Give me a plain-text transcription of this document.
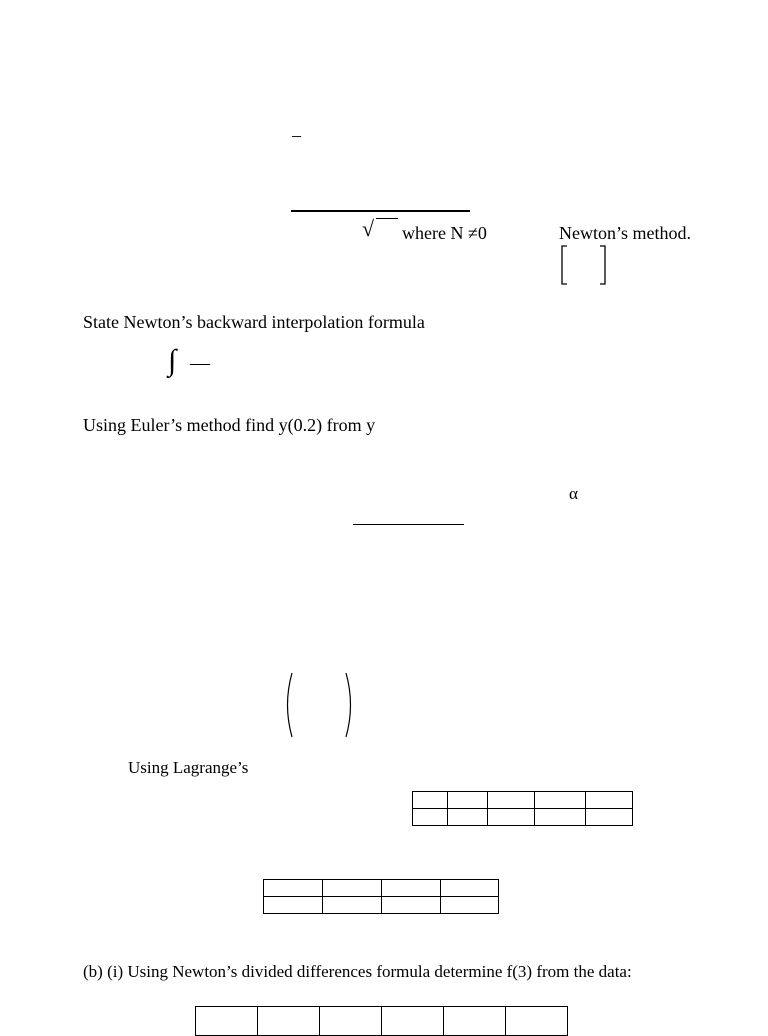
–
√ where N ≠0	Newton’s method.
State Newton’s backward interpolation formula
∫ —
Using Euler’s method find y(0.2) from y
α
Using Lagrange’s

(b) (i) Using Newton’s divided differences formula determine f(3) from the data:
